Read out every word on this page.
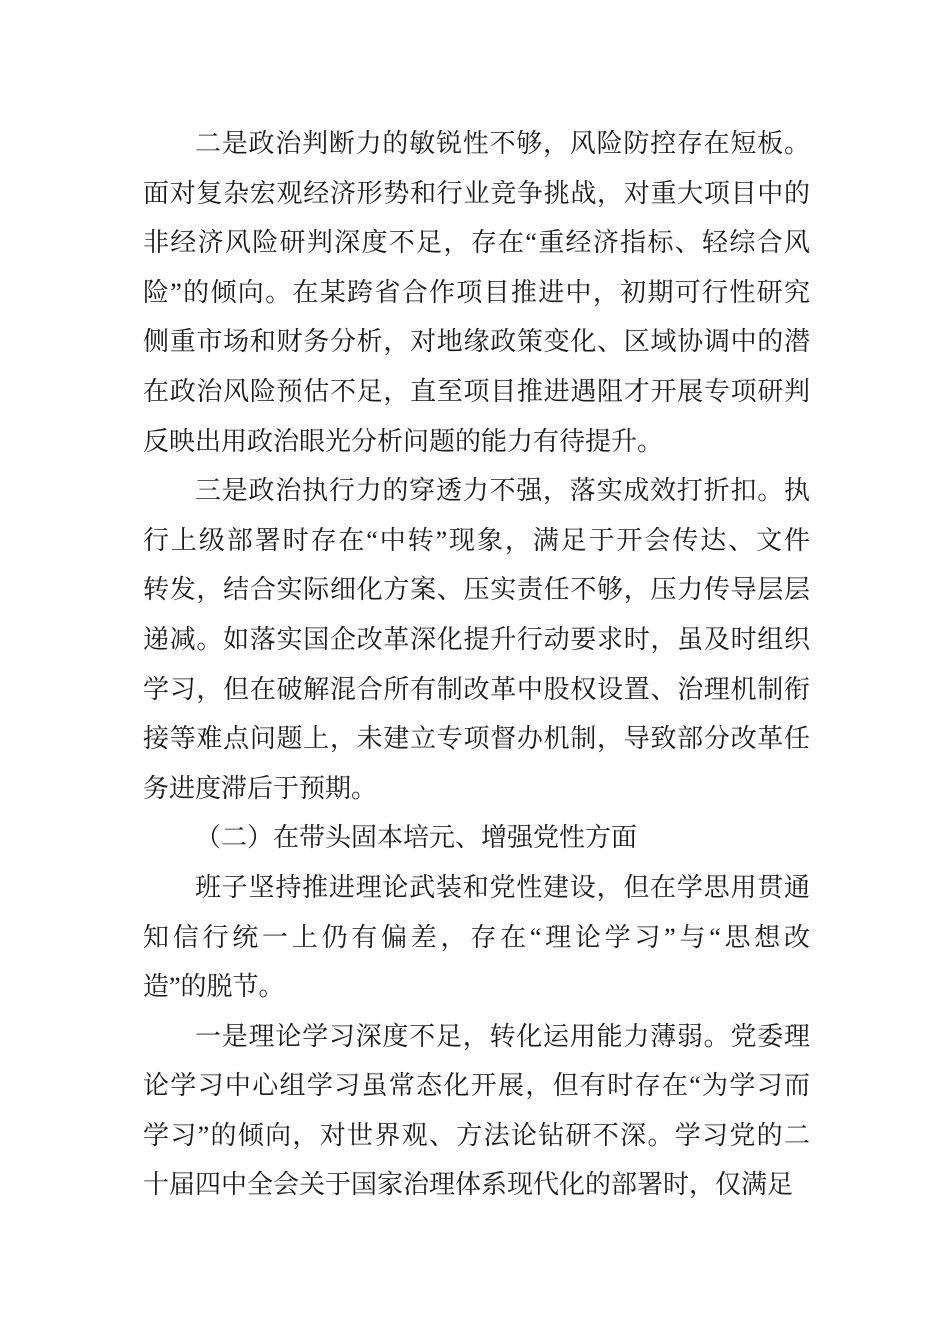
二是政治判断力的敏锐性不够，风险防控存在短板。
面对复杂宏观经济形势和行业竞争挑战，对重大项目中的
非经济风险研判深度不足，存在“重经济指标、轻综合风
险”的倾向。在某跨省合作项目推进中，初期可行性研究
侧重市场和财务分析，对地缘政策变化、区域协调中的潜
在政治风险预估不足，直至项目推进遇阻才开展专项研判
反映出用政治眼光分析问题的能力有待提升。
三是政治执行力的穿透力不强，落实成效打折扣。执
行上级部署时存在“中转”现象，满足于开会传达、文件
转发，结合实际细化方案、压实责任不够，压力传导层层
递减。如落实国企改革深化提升行动要求时，虽及时组织
学习，但在破解混合所有制改革中股权设置、治理机制衔
接等难点问题上，未建立专项督办机制，导致部分改革任
务进度滞后于预期。
（二）在带头固本培元、增强党性方面
班子坚持推进理论武装和党性建设，但在学思用贯通
知信行统一上仍有偏差，存在“理论学习”与“思想改
造”的脱节。
一是理论学习深度不足，转化运用能力薄弱。党委理
论学习中心组学习虽常态化开展，但有时存在“为学习而
学习”的倾向，对世界观、方法论钻研不深。学习党的二
十届四中全会关于国家治理体系现代化的部署时，仅满足
